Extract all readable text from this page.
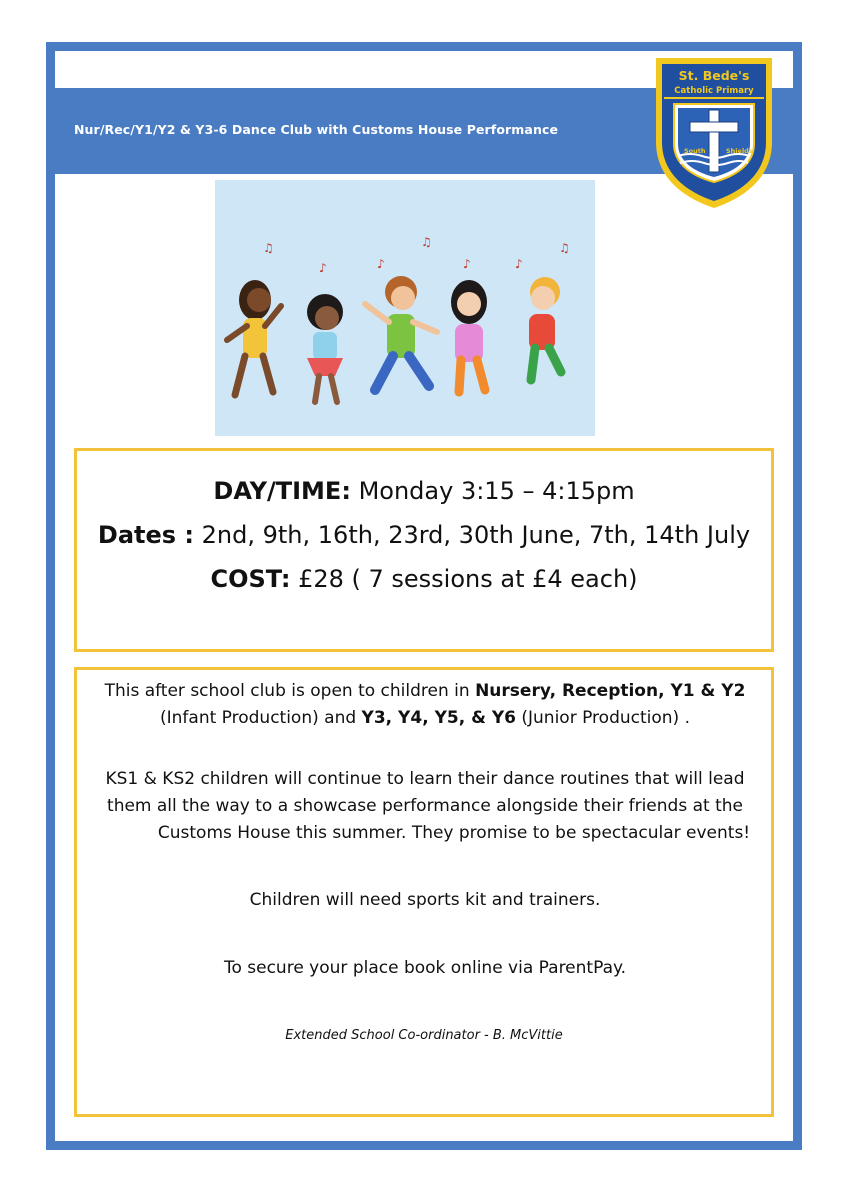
Nur/Rec/Y1/Y2 & Y3-6 Dance Club with Customs House Performance
St. Bede's
Catholic Primary
South	Shields
♫
♪	♪
♫
♪	♪
♫
DAY/TIME: Monday 3:15 – 4:15pm
Dates : 2nd, 9th, 16th, 23rd, 30th June, 7th, 14th July
COST: £28 ( 7 sessions at £4 each)
This after school club is open to children in Nursery, Reception, Y1 & Y2 (Infant Production) and Y3, Y4, Y5, & Y6 (Junior Production) .
KS1 & KS2 children will continue to learn their dance routines that will lead them all the way to a showcase performance alongside their friends at theCustoms House this summer. They promise to be spectacular events!
Children will need sports kit and trainers.
To secure your place book online via ParentPay.
Extended School Co-ordinator - B. McVittie
